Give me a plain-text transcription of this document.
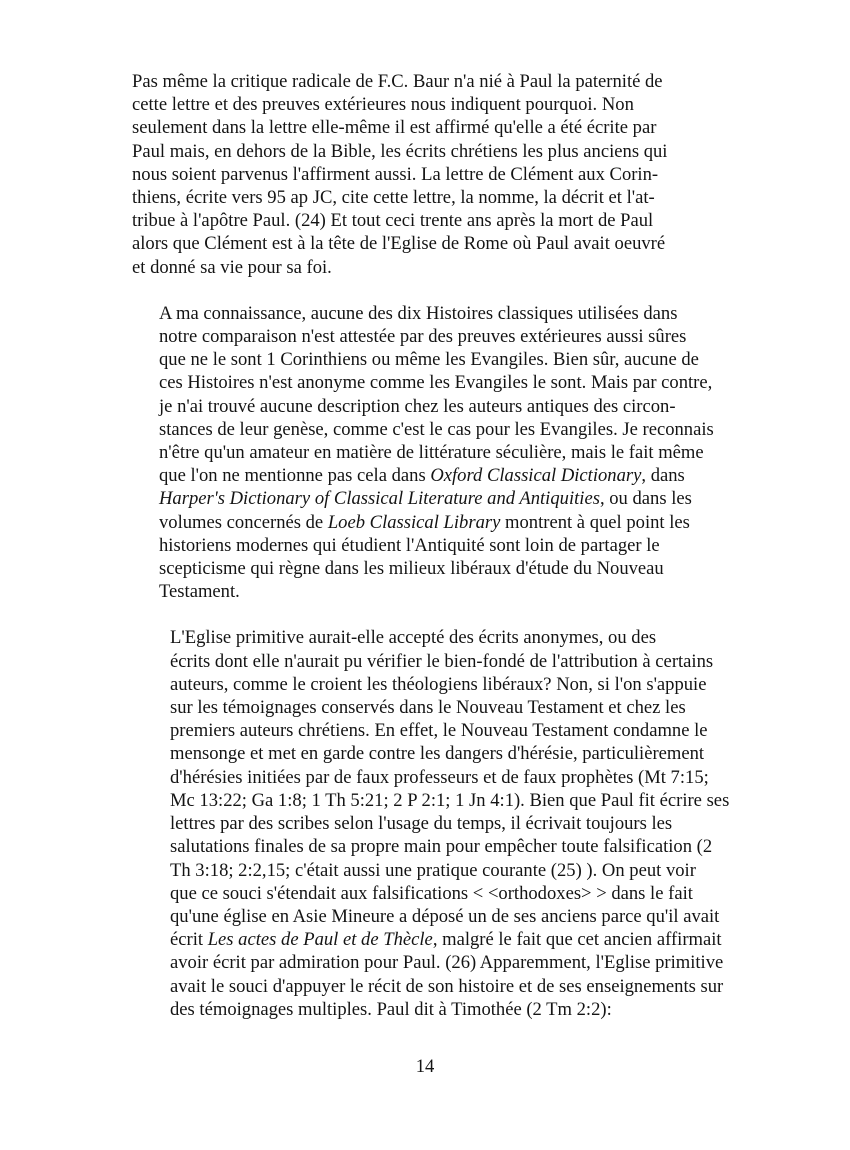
Pas même la critique radicale de F.C. Baur n'a nié à Paul la paternité de
cette lettre et des preuves extérieures nous indiquent pourquoi. Non
seulement dans la lettre elle-même il est affirmé qu'elle a été écrite par
Paul mais, en dehors de la Bible, les écrits chrétiens les plus anciens qui
nous soient parvenus l'affirment aussi. La lettre de Clément aux Corin-
thiens, écrite vers 95 ap JC, cite cette lettre, la nomme, la décrit et l'at-
tribue à l'apôtre Paul. (24) Et tout ceci trente ans après la mort de Paul
alors que Clément est à la tête de l'Eglise de Rome où Paul avait oeuvré
et donné sa vie pour sa foi.

A ma connaissance, aucune des dix Histoires classiques utilisées dans
notre comparaison n'est attestée par des preuves extérieures aussi sûres
que ne le sont 1 Corinthiens ou même les Evangiles. Bien sûr, aucune de
ces Histoires n'est anonyme comme les Evangiles le sont. Mais par contre,
je n'ai trouvé aucune description chez les auteurs antiques des circon-
stances de leur genèse, comme c'est le cas pour les Evangiles. Je reconnais
n'être qu'un amateur en matière de littérature séculière, mais le fait même
que l'on ne mentionne pas cela dans Oxford Classical Dictionary, dans
Harper's Dictionary of Classical Literature and Antiquities, ou dans les
volumes concernés de Loeb Classical Library montrent à quel point les
historiens modernes qui étudient l'Antiquité sont loin de partager le
scepticisme qui règne dans les milieux libéraux d'étude du Nouveau
Testament.

L'Eglise primitive aurait-elle accepté des écrits anonymes, ou des
écrits dont elle n'aurait pu vérifier le bien-fondé de l'attribution à certains
auteurs, comme le croient les théologiens libéraux? Non, si l'on s'appuie
sur les témoignages conservés dans le Nouveau Testament et chez les
premiers auteurs chrétiens. En effet, le Nouveau Testament condamne le
mensonge et met en garde contre les dangers d'hérésie, particulièrement
d'hérésies initiées par de faux professeurs et de faux prophètes (Mt 7:15;
Mc 13:22; Ga 1:8; 1 Th 5:21; 2 P 2:1; 1 Jn 4:1). Bien que Paul fit écrire ses
lettres par des scribes selon l'usage du temps, il écrivait toujours les
salutations finales de sa propre main pour empêcher toute falsification (2
Th 3:18; 2:2,15; c'était aussi une pratique courante (25) ). On peut voir
que ce souci s'étendait aux falsifications < <orthodoxes> > dans le fait
qu'une église en Asie Mineure a déposé un de ses anciens parce qu'il avait
écrit Les actes de Paul et de Thècle, malgré le fait que cet ancien affirmait
avoir écrit par admiration pour Paul. (26) Apparemment, l'Eglise primitive
avait le souci d'appuyer le récit de son histoire et de ses enseignements sur
des témoignages multiples. Paul dit à Timothée (2 Tm 2:2):

14
